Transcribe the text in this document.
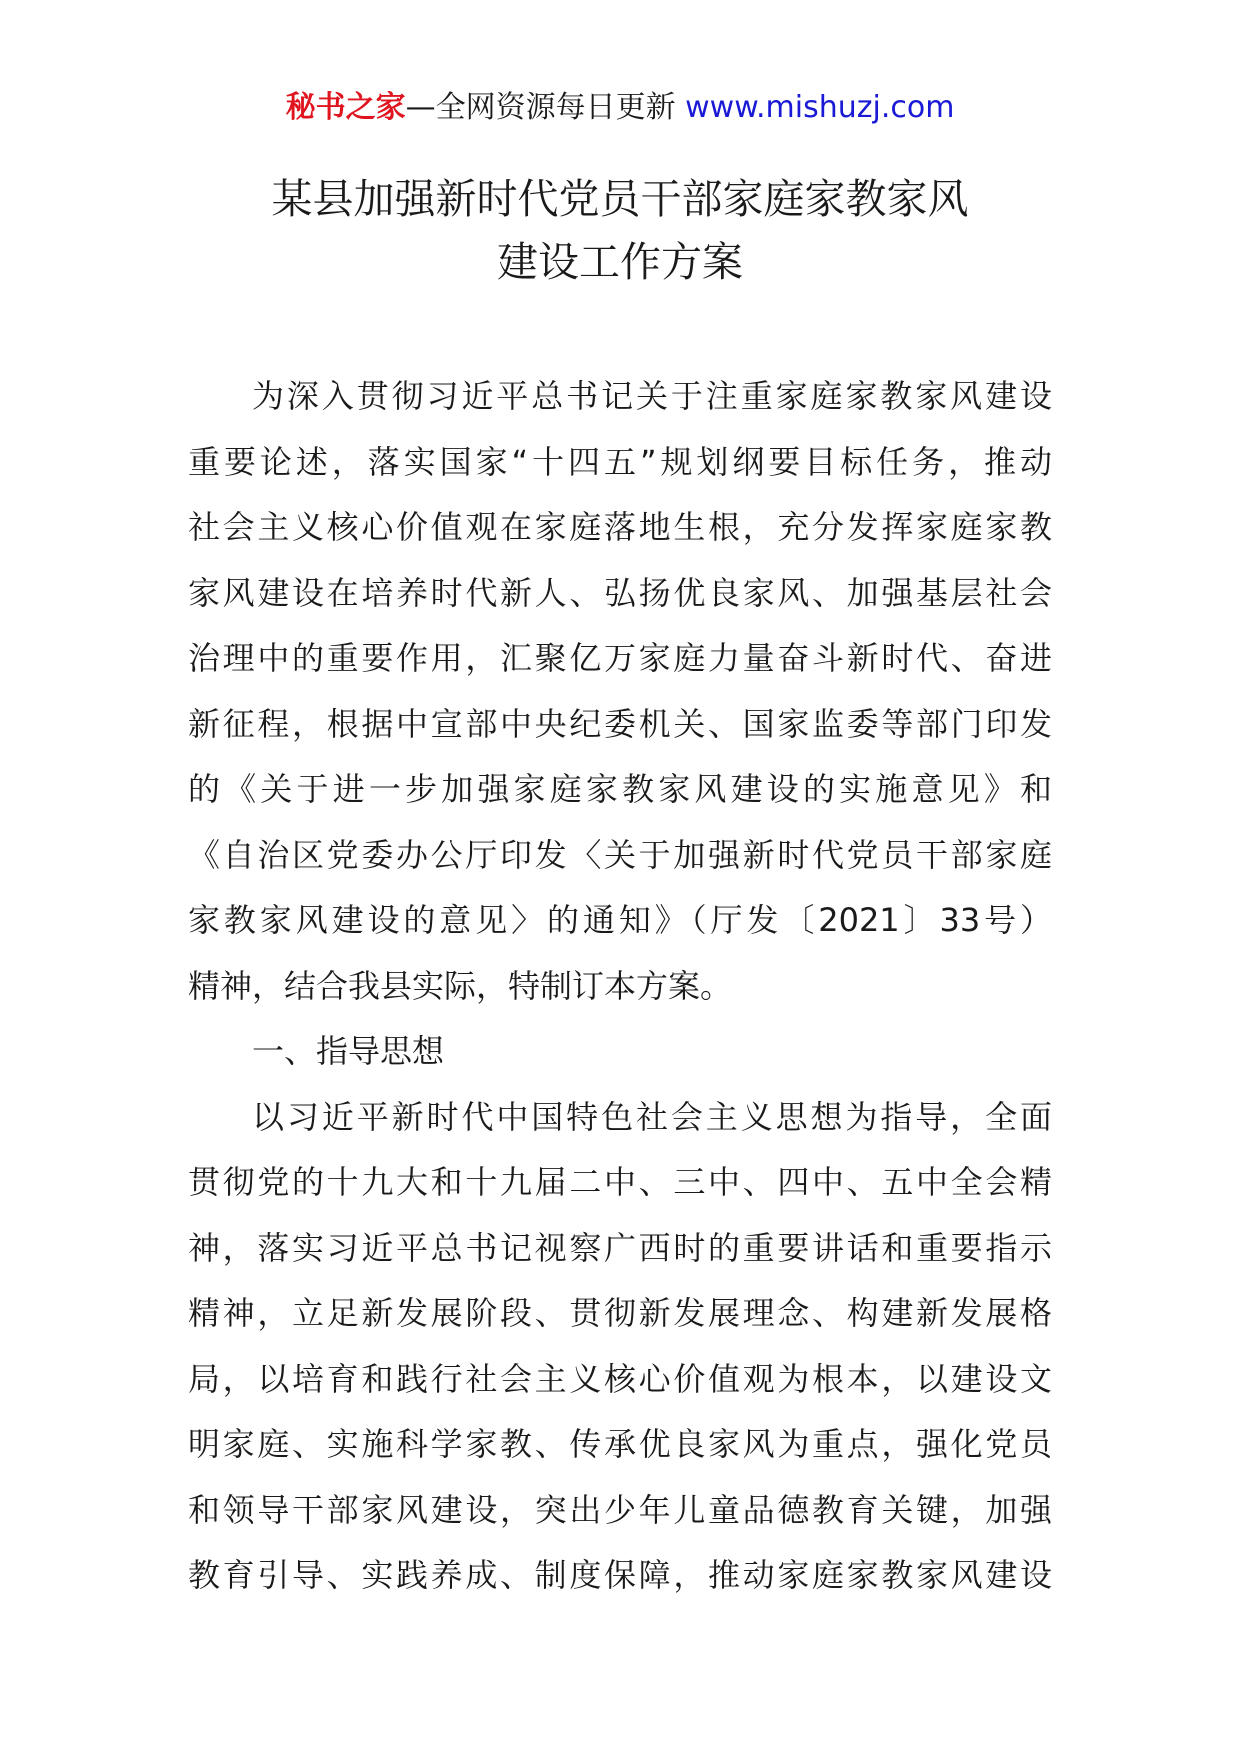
秘书之家—全网资源每日更新 www.mishuzj.com
某县加强新时代党员干部家庭家教家风
建设工作方案
为深入贯彻习近平总书记关于注重家庭家教家风建设
重要论述，落实国家“十四五”规划纲要目标任务，推动
社会主义核心价值观在家庭落地生根，充分发挥家庭家教
家风建设在培养时代新人、弘扬优良家风、加强基层社会
治理中的重要作用，汇聚亿万家庭力量奋斗新时代、奋进
新征程，根据中宣部中央纪委机关、国家监委等部门印发
的《关于进一步加强家庭家教家风建设的实施意见》和
《自治区党委办公厅印发〈关于加强新时代党员干部家庭
家教家风建设的意见〉的通知》（厅发〔2021〕33号）
精神，结合我县实际，特制订本方案。
一、指导思想
以习近平新时代中国特色社会主义思想为指导，全面
贯彻党的十九大和十九届二中、三中、四中、五中全会精
神，落实习近平总书记视察广西时的重要讲话和重要指示
精神，立足新发展阶段、贯彻新发展理念、构建新发展格
局，以培育和践行社会主义核心价值观为根本，以建设文
明家庭、实施科学家教、传承优良家风为重点，强化党员
和领导干部家风建设，突出少年儿童品德教育关键，加强
教育引导、实践养成、制度保障，推动家庭家教家风建设
